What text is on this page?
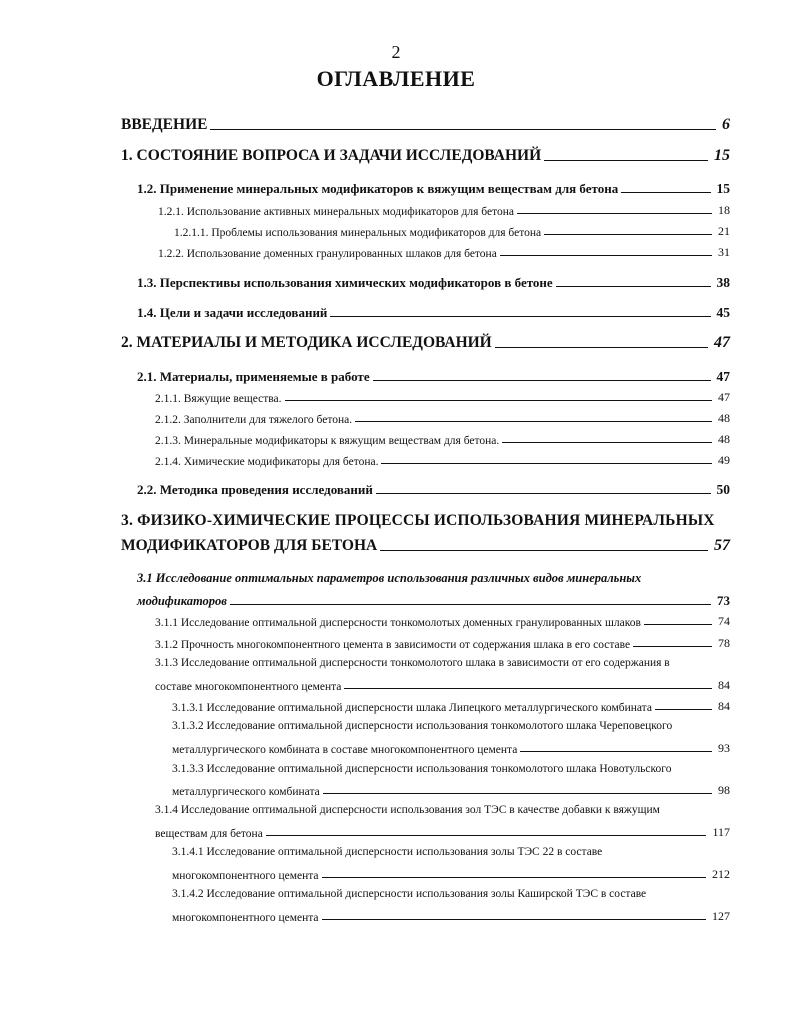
2
ОГЛАВЛЕНИЕ
ВВЕДЕНИЕ	6
1. СОСТОЯНИЕ ВОПРОСА И ЗАДАЧИ ИССЛЕДОВАНИЙ	15
1.2. Применение минеральных модификаторов к вяжущим веществам для бетона	15
1.2.1. Использование активных минеральных модификаторов для бетона	18
1.2.1.1. Проблемы использования минеральных модификаторов для бетона	21
1.2.2. Использование доменных гранулированных шлаков для бетона	31
1.3. Перспективы использования химических модификаторов в бетоне	38
1.4. Цели и задачи исследований	45
2. МАТЕРИАЛЫ И МЕТОДИКА ИССЛЕДОВАНИЙ	47
2.1. Материалы, применяемые в работе	47
2.1.1. Вяжущие вещества.	47
2.1.2. Заполнители для тяжелого бетона.	48
2.1.3. Минеральные модификаторы к вяжущим веществам для бетона.	48
2.1.4. Химические модификаторы для бетона.	49
2.2. Методика проведения исследований	50
3. ФИЗИКО-ХИМИЧЕСКИЕ ПРОЦЕССЫ ИСПОЛЬЗОВАНИЯ МИНЕРАЛЬНЫХ
МОДИФИКАТОРОВ ДЛЯ БЕТОНА	57
3.1 Исследование оптимальных параметров использования различных видов минеральных
модификаторов	73
3.1.1 Исследование оптимальной дисперсности тонкомолотых доменных гранулированных шлаков	74
3.1.2 Прочность многокомпонентного цемента в зависимости от содержания шлака в его составе	78
3.1.3 Исследование оптимальной дисперсности тонкомолотого шлака в зависимости от его содержания в
составе многокомпонентного цемента	84
3.1.3.1 Исследование оптимальной дисперсности шлака Липецкого металлургического комбината	84
3.1.3.2 Исследование оптимальной дисперсности использования тонкомолотого шлака Череповецкого
металлургического комбината в составе многокомпонентного цемента	93
3.1.3.3 Исследование оптимальной дисперсности использования тонкомолотого шлака Новотульского
металлургического комбината	98
3.1.4 Исследование оптимальной дисперсности использования зол ТЭС в качестве добавки к вяжущим
веществам для бетона	117
3.1.4.1 Исследование оптимальной дисперсности использования золы ТЭС 22 в составе
многокомпонентного цемента	212
3.1.4.2 Исследование оптимальной дисперсности использования золы Каширской ТЭС в составе
многокомпонентного цемента	127
